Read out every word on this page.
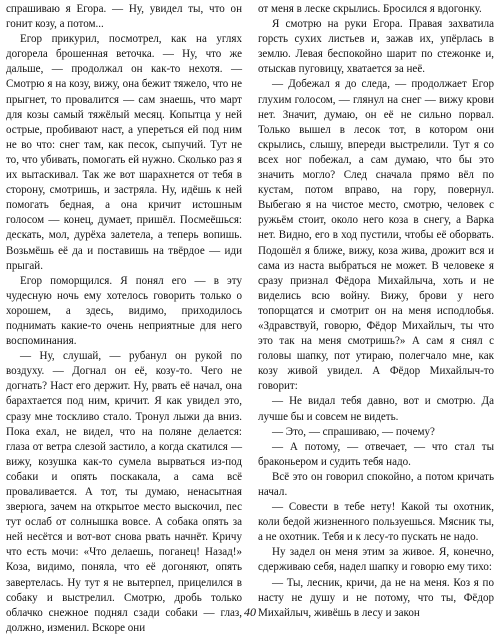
спрашиваю я Егора. — Ну, увидел ты, что он гонит козу, а потом...

Егор прикурил, посмотрел, как на углях догорела брошенная веточка. — Ну, что же дальше, — продолжал он как-то нехотя. — Смотрю я на козу, вижу, она бежит тяжело, что не прыгнет, то провалится — сам знаешь, что март для козы самый тяжёлый месяц. Копытца у ней острые, пробивают наст, а упереться ей под ним не во что: снег там, как песок, сыпучий. Тут не то, что убивать, помогать ей нужно. Сколько раз я их вытаскивал. Так же вот шарахнется от тебя в сторону, смотришь, и застряла. Ну, идёшь к ней помогать бедная, а она кричит истошным голосом — конец, думает, пришёл. Посмеёшься: дескать, мол, дурёха залетела, а теперь вопишь. Возьмёшь её да и поставишь на твёрдое — иди прыгай.

Егор поморщился. Я понял его — в эту чудесную ночь ему хотелось говорить только о хорошем, а здесь, видимо, приходилось поднимать какие-то очень неприятные для него воспоминания.

— Ну, слушай, — рубанул он рукой по воздуху. — Догнал он её, козу-то. Чего не догнать? Наст его держит. Ну, рвать её начал, она барахтается под ним, кричит. Я как увидел это, сразу мне тоскливо стало. Тронул лыжи да вниз. Пока ехал, не видел, что на поляне делается: глаза от ветра слезой застило, а когда скатился — вижу, козушка как-то сумела вырваться из-под собаки и опять поскакала, а сама всё проваливается. А тот, ты думаю, ненасытная зверюга, зачем на открытое место выскочил, пес тут ослаб от солнышка вовсе. А собака опять за ней несётся и вот-вот снова рвать начнёт. Кричу что есть мочи: «Что делаешь, поганец! Назад!» Коза, видимо, поняла, что её догоняют, опять завертелась. Ну тут я не вытерпел, прицелился в собаку и выстрелил. Смотрю, дробь только облачко снежное поднял сзади собаки — глаз, должно, изменил. Вскоре они

от меня в леске скрылись. Бросился я вдогонку.

Я смотрю на руки Егора. Правая захватила горсть сухих листьев и, зажав их, упёрлась в землю. Левая беспокойно шарит по стежонке и, отыскав пуговицу, хватается за неё.

— Добежал я до следа, — продолжает Егор глухим голосом, — глянул на снег — вижу крови нет. Значит, думаю, он её не сильно порвал. Только вышел в лесок тот, в котором они скрылись, слышу, впереди выстрелили. Тут я со всех ног побежал, а сам думаю, что бы это значить могло? След сначала прямо вёл по кустам, потом вправо, на гору, повернул. Выбегаю я на чистое место, смотрю, человек с ружьём стоит, около него коза в снегу, а Варка нет. Видно, его в ход пустили, чтобы её оборвать. Подошёл я ближе, вижу, коза жива, дрожит вся и сама из наста выбраться не может. В человеке я сразу признал Фёдора Михайлыча, хоть и не виделись всю войну. Вижу, брови у него топорщатся и смотрит он на меня исподлобья. «Здравствуй, говорю, Фёдор Михайлыч, ты что это так на меня смотришь?» А сам я снял с головы шапку, пот утираю, полегчало мне, как козу живой увидел. А Фёдор Михайлыч-то говорит:

— Не видал тебя давно, вот и смотрю. Да лучше бы и совсем не видеть.

— Это, — спрашиваю, — почему?

— А потому, — отвечает, — что стал ты браконьером и судить тебя надо.

Всё это он говорил спокойно, а потом кричать начал.

— Совести в тебе нету! Какой ты охотник, коли бедой жизненного пользуешься. Мясник ты, а не охотник. Тебя и к лесу-то пускать не надо.

Ну задел он меня этим за живое. Я, конечно, сдерживаю себя, надел шапку и говорю ему тихо:

— Ты, лесник, кричи, да не на меня. Коз я по насту не душу и не потому, что ты, Фёдор Михайлыч, живёшь в лесу и закон

40
